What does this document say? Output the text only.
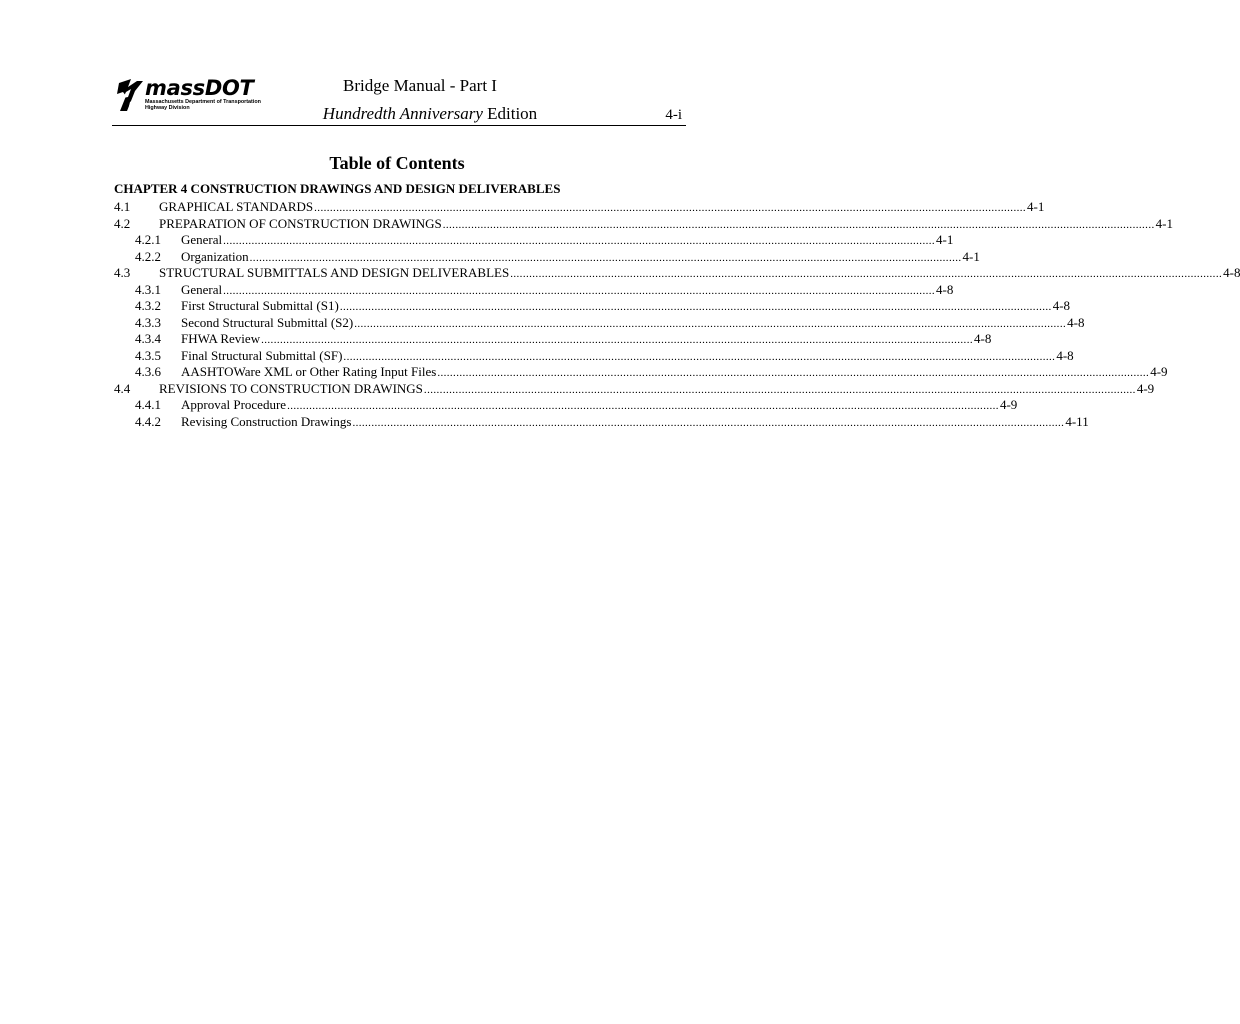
massDOT
Massachusetts Department of Transportation
Highway Division
Bridge Manual - Part I
Hundredth Anniversary Edition	4-i
Table of Contents
CHAPTER 4 CONSTRUCTION DRAWINGS AND DESIGN DELIVERABLES
4.1	GRAPHICAL STANDARDS .....	4-1
4.2	PREPARATION OF CONSTRUCTION DRAWINGS .....	4-1
4.2.1	General .....	4-1
4.2.2	Organization .....	4-1
4.3	STRUCTURAL SUBMITTALS AND DESIGN DELIVERABLES .....	4-8
4.3.1	General .....	4-8
4.3.2	First Structural Submittal (S1) .....	4-8
4.3.3	Second Structural Submittal (S2) .....	4-8
4.3.4	FHWA Review .....	4-8
4.3.5	Final Structural Submittal (SF) .....	4-8
4.3.6	AASHTOWare XML or Other Rating Input Files .....	4-9
4.4	REVISIONS TO CONSTRUCTION DRAWINGS .....	4-9
4.4.1	Approval Procedure .....	4-9
4.4.2	Revising Construction Drawings .....	4-11
